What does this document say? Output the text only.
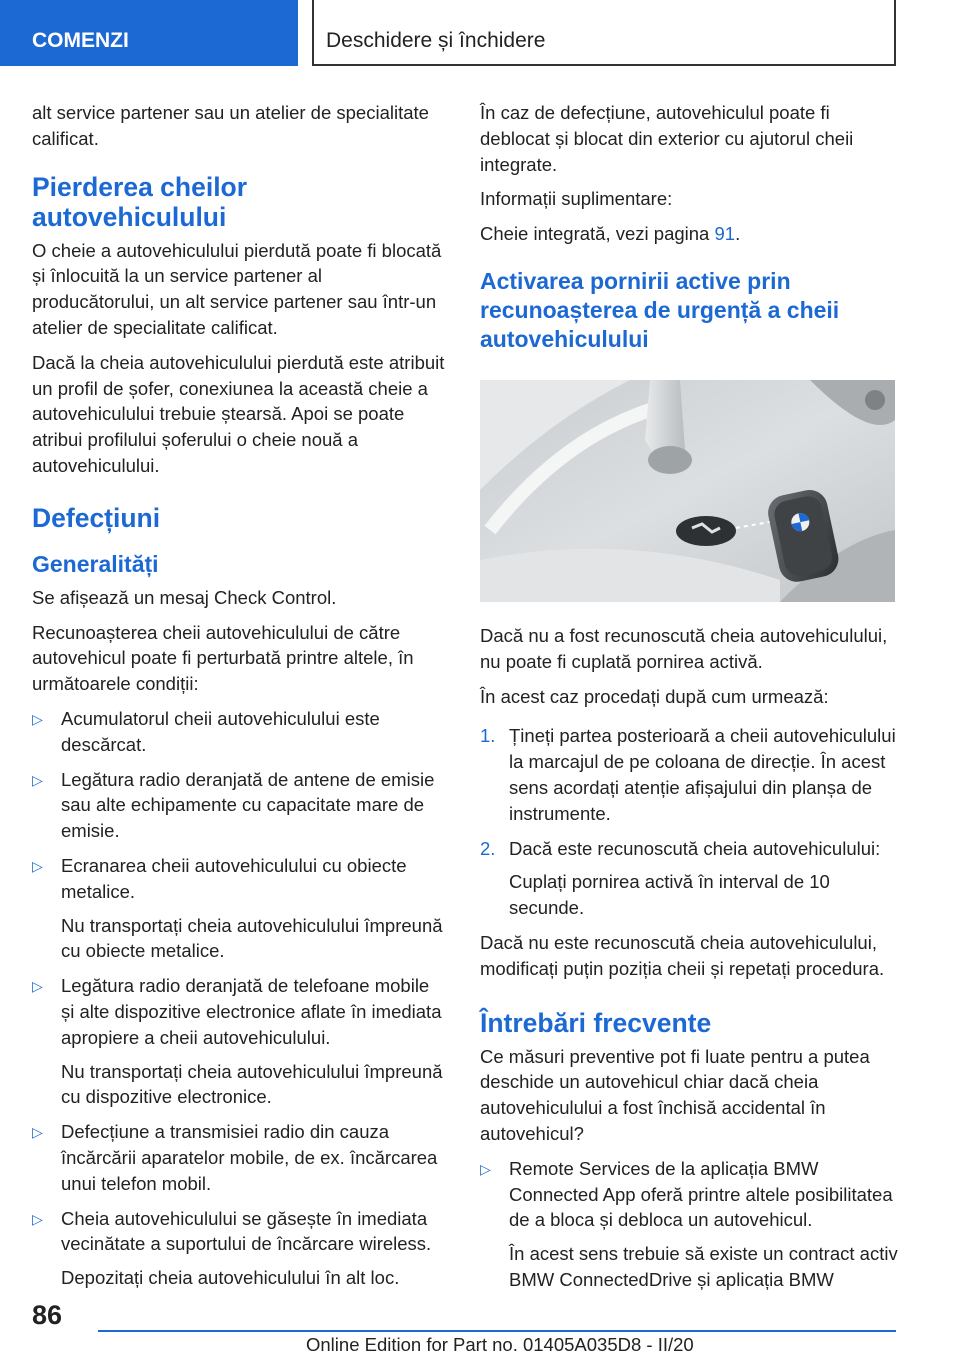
COMENZI	Deschidere și închidere

alt service partener sau un atelier de specialitate calificat.

Pierderea cheilor autovehiculului

O cheie a autovehiculului pierdută poate fi blocată și înlocuită la un service partener al producătorului, un alt service partener sau într-un atelier de specialitate calificat.

Dacă la cheia autovehiculului pierdută este atribuit un profil de șofer, conexiunea la această cheie a autovehiculului trebuie ștearsă. Apoi se poate atribui profilului șoferului o cheie nouă a autovehiculului.

Defecțiuni
Generalități

Se afișează un mesaj Check Control.

Recunoașterea cheii autovehiculului de către autovehicul poate fi perturbată printre altele, în următoarele condiții:

▷ Acumulatorul cheii autovehiculului este descărcat.
▷ Legătura radio deranjată de antene de emisie sau alte echipamente cu capacitate mare de emisie.
▷ Ecranarea cheii autovehiculului cu obiecte metalice.
Nu transportați cheia autovehiculului împreună cu obiecte metalice.
▷ Legătura radio deranjată de telefoane mobile și alte dispozitive electronice aflate în imediata apropiere a cheii autovehiculului.
Nu transportați cheia autovehiculului împreună cu dispozitive electronice.
▷ Defecțiune a transmisiei radio din cauza încărcării aparatelor mobile, de ex. încărcarea unui telefon mobil.
▷ Cheia autovehiculului se găsește în imediata vecinătate a suportului de încărcare wireless.
Depozitați cheia autovehiculului în alt loc.

În caz de defecțiune, autovehiculul poate fi deblocat și blocat din exterior cu ajutorul cheii integrate.

Informații suplimentare:

Cheie integrată, vezi pagina 91.

Activarea pornirii active prin recunoașterea de urgență a cheii autovehiculului

Dacă nu a fost recunoscută cheia autovehiculului, nu poate fi cuplată pornirea activă.

În acest caz procedați după cum urmează:

1. Țineți partea posterioară a cheii autovehiculului la marcajul de pe coloana de direcție. În acest sens acordați atenție afișajului din planșa de instrumente.
2. Dacă este recunoscută cheia autovehiculului:
Cuplați pornirea activă în interval de 10 secunde.

Dacă nu este recunoscută cheia autovehiculului, modificați puțin poziția cheii și repetați procedura.

Întrebări frecvente

Ce măsuri preventive pot fi luate pentru a putea deschide un autovehicul chiar dacă cheia autovehiculului a fost închisă accidental în autovehicul?

▷ Remote Services de la aplicația BMW Connected App oferă printre altele posibilitatea de a bloca și debloca un autovehicul.
În acest sens trebuie să existe un contract activ BMW ConnectedDrive și aplicația BMW
86
Online Edition for Part no. 01405A035D8 - II/20
